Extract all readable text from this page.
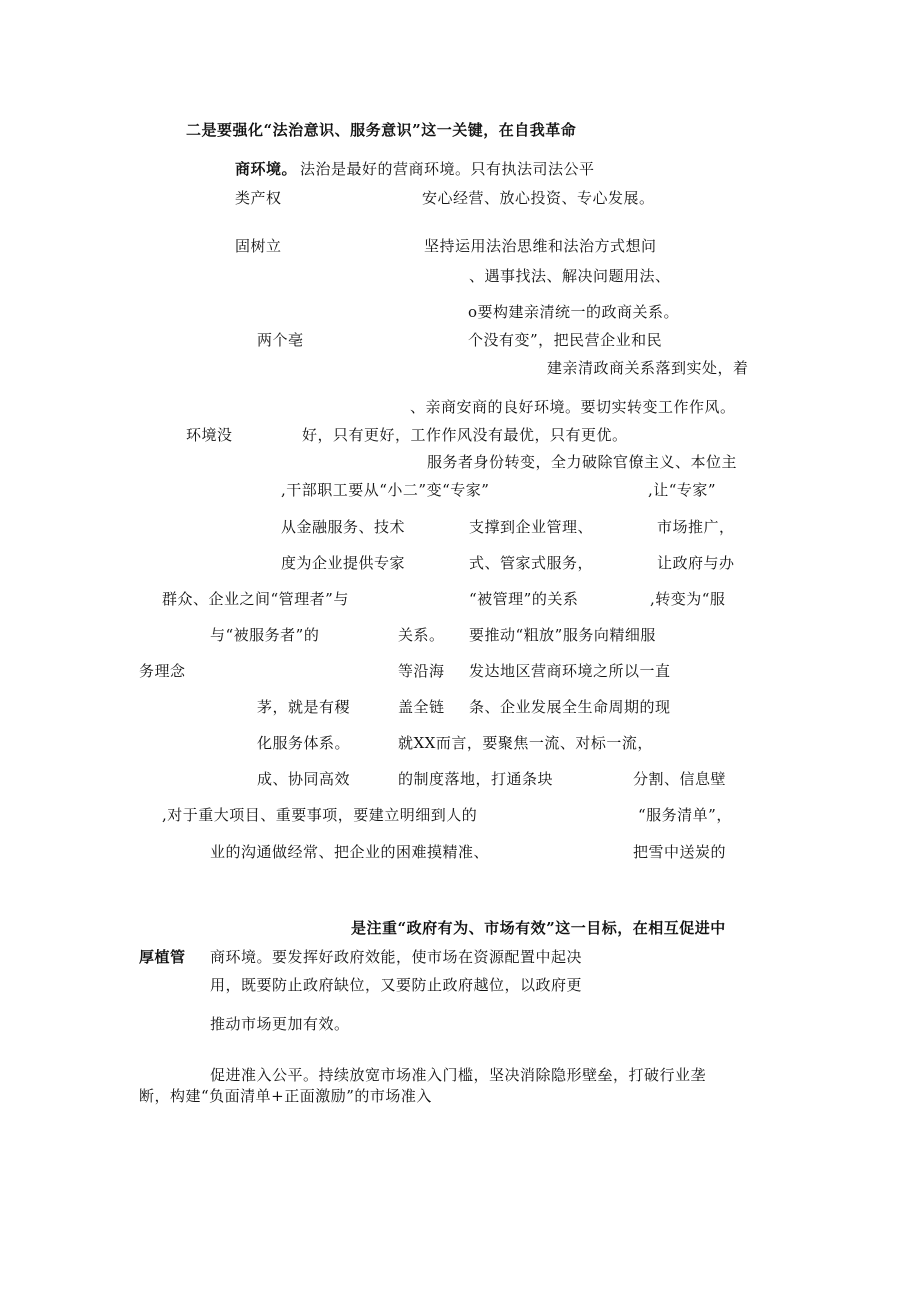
二是要强化“法治意识、服务意识”这一关键，在自我革命
商环境。 法治是最好的营商环境。只有执法司法公平
类产权	安心经营、放心投资、专心发展。
固树立	坚持运用法治思维和法治方式想问
、遇事找法、解决问题用法、
o要构建亲清统一的政商关系。
两个亳	个没有变”，把民营企业和民
建亲清政商关系落到实处，着
、亲商安商的良好环境。要切实转变工作作风。
环境没	好，只有更好，工作作风没有最优，只有更优。
服务者身份转变，全力破除官僚主义、本位主
,干部职工要从“小二”变“专家”	,让“专家”
从金融服务、技术	支撑到企业管理、	市场推广，
度为企业提供专家	式、管家式服务，	让政府与办
群众、企业之间“管理者”与	“被管理”的关系	,转变为“服
与“被服务者”的	关系。 要推动“粗放”服务向精细服
务理念	等沿海 发达地区营商环境之所以一直
茅，就是有稷	盖全链 条、企业发展全生命周期的现
化服务体系。	就XX而言，要聚焦一流、对标一流，
成、协同高效	的制度落地，打通条块	分割、信息壁
,对于重大项目、重要事项，要建立明细到人的	“服务清单”，
业的沟通做经常、把企业的困难摸精准、	把雪中送炭的
是注重“政府有为、市场有效”这一目标，在相互促进中
厚植管 商环境。要发挥好政府效能，使市场在资源配置中起决
用，既要防止政府缺位，又要防止政府越位，以政府更
推动市场更加有效。
促进准入公平。持续放宽市场准入门槛，坚决消除隐形壁垒，打破行业垄
断，构建“负面清单+正面激励”的市场准入
